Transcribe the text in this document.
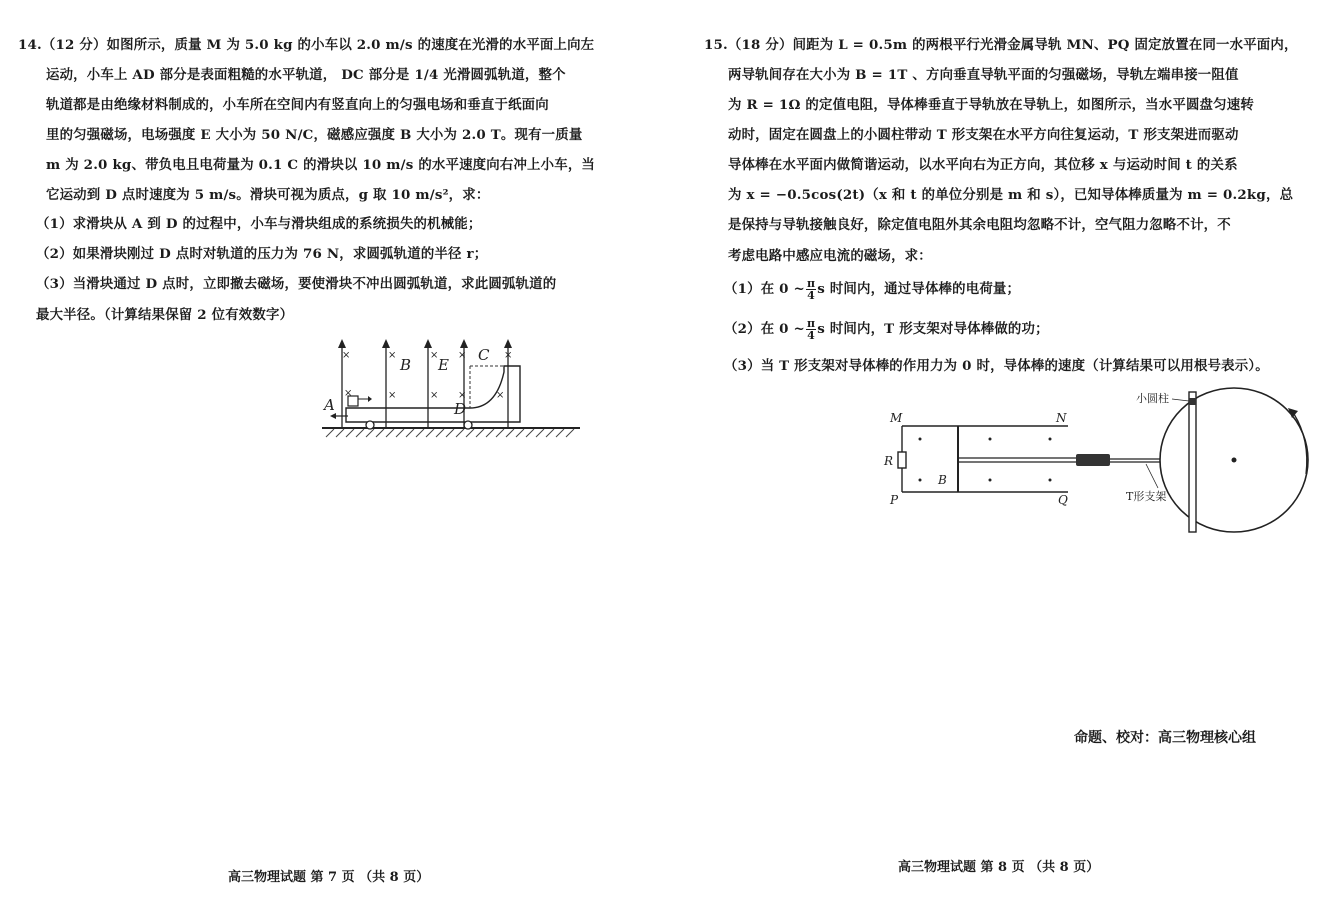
14.（12 分）如图所示，质量 M 为 5.0 kg 的小车以 2.0 m/s 的速度在光滑的水平面上向左
运动，小车上 AD 部分是表面粗糙的水平轨道， DC 部分是 1/4 光滑圆弧轨道，整个
轨道都是由绝缘材料制成的，小车所在空间内有竖直向上的匀强电场和垂直于纸面向
里的匀强磁场，电场强度 E 大小为 50 N/C，磁感应强度 B 大小为 2.0 T。现有一质量
m 为 2.0 kg、带负电且电荷量为 0.1 C 的滑块以 10 m/s 的水平速度向右冲上小车，当
它运动到 D 点时速度为 5 m/s。滑块可视为质点，g 取 10 m/s²，求：
（1）求滑块从 A 到 D 的过程中，小车与滑块组成的系统损失的机械能；
（2）如果滑块刚过 D 点时对轨道的压力为 76 N，求圆弧轨道的半径 r；
（3）当滑块通过 D 点时，立即撤去磁场，要使滑块不冲出圆弧轨道，求此圆弧轨道的
最大半径。（计算结果保留 2 位有效数字）
×
×
×
×
×
×
×
×
×
×
A
B E
C
D
高三物理试题 第 7 页 （共 8 页）
15.（18 分）间距为 L = 0.5m 的两根平行光滑金属导轨 MN、PQ 固定放置在同一水平面内，
两导轨间存在大小为 B = 1T 、方向垂直导轨平面的匀强磁场，导轨左端串接一阻值
为 R = 1Ω 的定值电阻，导体棒垂直于导轨放在导轨上，如图所示，当水平圆盘匀速转
动时，固定在圆盘上的小圆柱带动 T 形支架在水平方向往复运动，T 形支架进而驱动
导体棒在水平面内做简谐运动，以水平向右为正方向，其位移 x 与运动时间 t 的关系
为 x = −0.5cos(2t)（x 和 t 的单位分别是 m 和 s），已知导体棒质量为 m = 0.2kg，总
是保持与导轨接触良好，除定值电阻外其余电阻均忽略不计，空气阻力忽略不计，不
考虑电路中感应电流的磁场，求：
（1）在 0 ~ $\frac{\pi}{4}$ s 时间内，通过导体棒的电荷量；
（2）在 0 ~ $\frac{\pi}{4}$ s 时间内，T 形支架对导体棒做的功；
（3）当 T 形支架对导体棒的作用力为 0 时，导体棒的速度（计算结果可以用根号表示）。
M	N
P	Q
R
B
小圆柱
T形支架
命题、校对：高三物理核心组
高三物理试题 第 8 页 （共 8 页）
